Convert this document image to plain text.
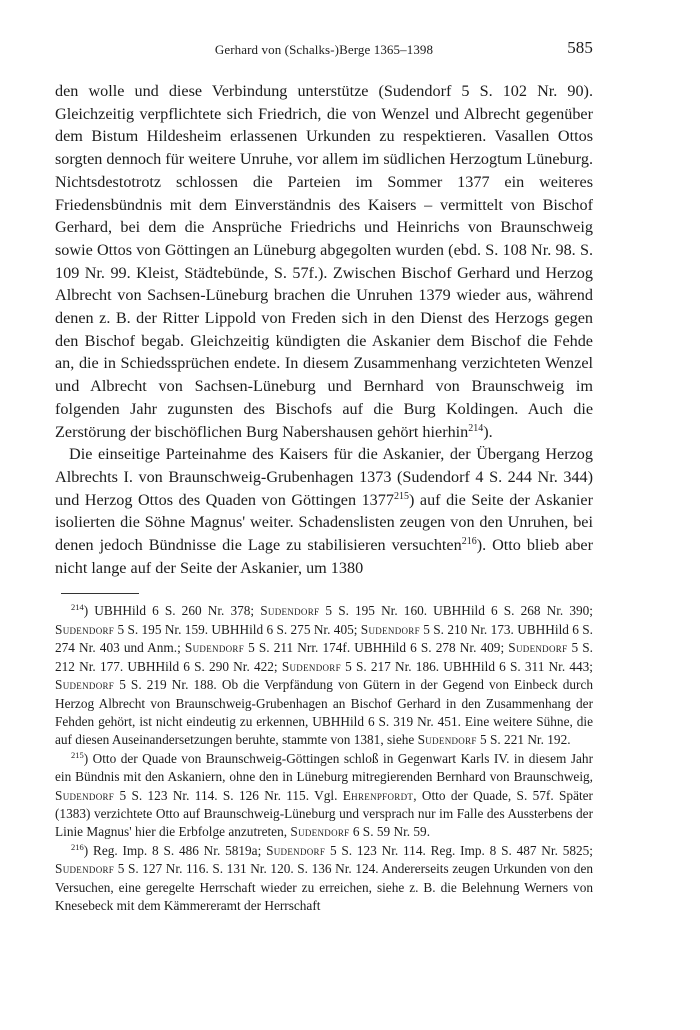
Gerhard von (Schalks-)Berge 1365–1398	585

den wolle und diese Verbindung unterstütze (Sudendorf 5 S. 102 Nr. 90). Gleichzeitig verpflichtete sich Friedrich, die von Wenzel und Albrecht gegenüber dem Bistum Hildesheim erlassenen Urkunden zu respektieren. Vasallen Ottos sorgten dennoch für weitere Unruhe, vor allem im südlichen Herzogtum Lüneburg. Nichtsdestotrotz schlossen die Parteien im Sommer 1377 ein weiteres Friedensbündnis mit dem Einverständnis des Kaisers – vermittelt von Bischof Gerhard, bei dem die Ansprüche Friedrichs und Heinrichs von Braunschweig sowie Ottos von Göttingen an Lüneburg abgegolten wurden (ebd. S. 108 Nr. 98. S. 109 Nr. 99. Kleist, Städtebünde, S. 57f.). Zwischen Bischof Gerhard und Herzog Albrecht von Sachsen-Lüneburg brachen die Unruhen 1379 wieder aus, während denen z. B. der Ritter Lippold von Freden sich in den Dienst des Herzogs gegen den Bischof begab. Gleichzeitig kündigten die Askanier dem Bischof die Fehde an, die in Schiedssprüchen endete. In diesem Zusammenhang verzichteten Wenzel und Albrecht von Sachsen-Lüneburg und Bernhard von Braunschweig im folgenden Jahr zugunsten des Bischofs auf die Burg Koldingen. Auch die Zerstörung der bischöflichen Burg Nabershausen gehört hierhin$^{214}$).

Die einseitige Parteinahme des Kaisers für die Askanier, der Übergang Herzog Albrechts I. von Braunschweig-Grubenhagen 1373 (Sudendorf 4 S. 244 Nr. 344) und Herzog Ottos des Quaden von Göttingen 1377$^{215}$) auf die Seite der Askanier isolierten die Söhne Magnus' weiter. Schadenslisten zeugen von den Unruhen, bei denen jedoch Bündnisse die Lage zu stabilisieren versuchten$^{216}$). Otto blieb aber nicht lange auf der Seite der Askanier, um 1380

$^{214}$) UBHHild 6 S. 260 Nr. 378; Sudendorf 5 S. 195 Nr. 160. UBHHild 6 S. 268 Nr. 390; Sudendorf 5 S. 195 Nr. 159. UBHHild 6 S. 275 Nr. 405; Sudendorf 5 S. 210 Nr. 173. UBHHild 6 S. 274 Nr. 403 und Anm.; Sudendorf 5 S. 211 Nrr. 174f. UBHHild 6 S. 278 Nr. 409; Sudendorf 5 S. 212 Nr. 177. UBHHild 6 S. 290 Nr. 422; Sudendorf 5 S. 217 Nr. 186. UBHHild 6 S. 311 Nr. 443; Sudendorf 5 S. 219 Nr. 188. Ob die Verpfändung von Gütern in der Gegend von Einbeck durch Herzog Albrecht von Braunschweig-Grubenhagen an Bischof Gerhard in den Zusammenhang der Fehden gehört, ist nicht eindeutig zu erkennen, UBHHild 6 S. 319 Nr. 451. Eine weitere Sühne, die auf diesen Auseinandersetzungen beruhte, stammte von 1381, siehe Sudendorf 5 S. 221 Nr. 192.

$^{215}$) Otto der Quade von Braunschweig-Göttingen schloß in Gegenwart Karls IV. in diesem Jahr ein Bündnis mit den Askaniern, ohne den in Lüneburg mitregierenden Bernhard von Braunschweig, Sudendorf 5 S. 123 Nr. 114. S. 126 Nr. 115. Vgl. Ehrenpfordt, Otto der Quade, S. 57f. Später (1383) verzichtete Otto auf Braunschweig-Lüneburg und versprach nur im Falle des Aussterbens der Linie Magnus' hier die Erbfolge anzutreten, Sudendorf 6 S. 59 Nr. 59.

$^{216}$) Reg. Imp. 8 S. 486 Nr. 5819a; Sudendorf 5 S. 123 Nr. 114. Reg. Imp. 8 S. 487 Nr. 5825; Sudendorf 5 S. 127 Nr. 116. S. 131 Nr. 120. S. 136 Nr. 124. Andererseits zeugen Urkunden von den Versuchen, eine geregelte Herrschaft wieder zu erreichen, siehe z. B. die Belehnung Werners von Knesebeck mit dem Kämmereramt der Herrschaft
